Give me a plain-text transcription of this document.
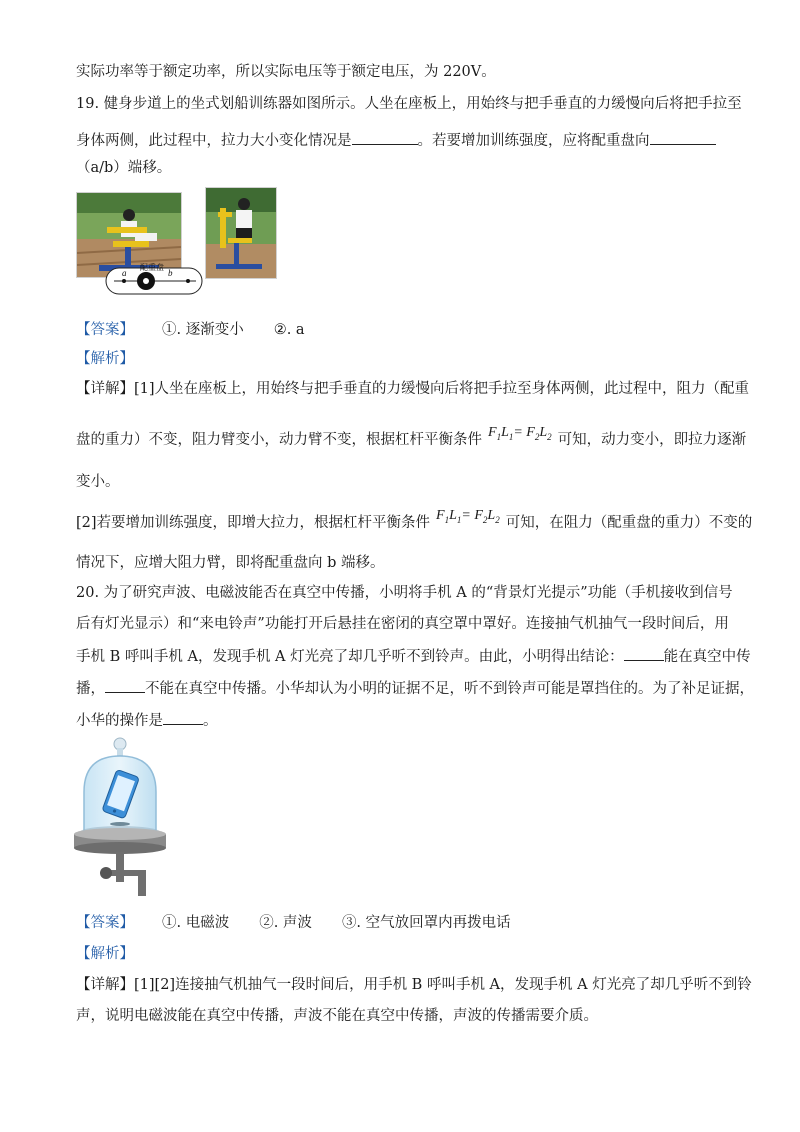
实际功率等于额定功率，所以实际电压等于额定电压，为 220V。
19. 健身步道上的坐式划船训练器如图所示。人坐在座板上，用始终与把手垂直的力缓慢向后将把手拉至
身体两侧，此过程中，拉力大小变化情况是	。若要增加训练强度，应将配重盘向
（a/b）端移。
配重盘
a	b
【答案】 ①. 逐渐变小 ②. a
【解析】
【详解】[1]人坐在座板上，用始终与把手垂直的力缓慢向后将把手拉至身体两侧，此过程中，阻力（配重
盘的重力）不变，阻力臂变小，动力臂不变，根据杠杆平衡条件 $F_1L_1= F_2L_2$ 可知，动力变小，即拉力逐渐
变小。
[2]若要增加训练强度，即增大拉力，根据杠杆平衡条件 $F_1L_1= F_2L_2$ 可知，在阻力（配重盘的重力）不变的
情况下，应增大阻力臂，即将配重盘向 b 端移。
20. 为了研究声波、电磁波能否在真空中传播，小明将手机 A 的“背景灯光提示”功能（手机接收到信号
后有灯光显示）和“来电铃声”功能打开后悬挂在密闭的真空罩中罩好。连接抽气机抽气一段时间后，用
手机 B 呼叫手机 A，发现手机 A 灯光亮了却几乎听不到铃声。由此，小明得出结论：	能在真空中传
播，	不能在真空中传播。小华却认为小明的证据不足，听不到铃声可能是罩挡住的。为了补足证据，
小华的操作是	。
【答案】 ①. 电磁波 ②. 声波 ③. 空气放回罩内再拨电话
【解析】
【详解】[1][2]连接抽气机抽气一段时间后，用手机 B 呼叫手机 A，发现手机 A 灯光亮了却几乎听不到铃
声，说明电磁波能在真空中传播，声波不能在真空中传播，声波的传播需要介质。
